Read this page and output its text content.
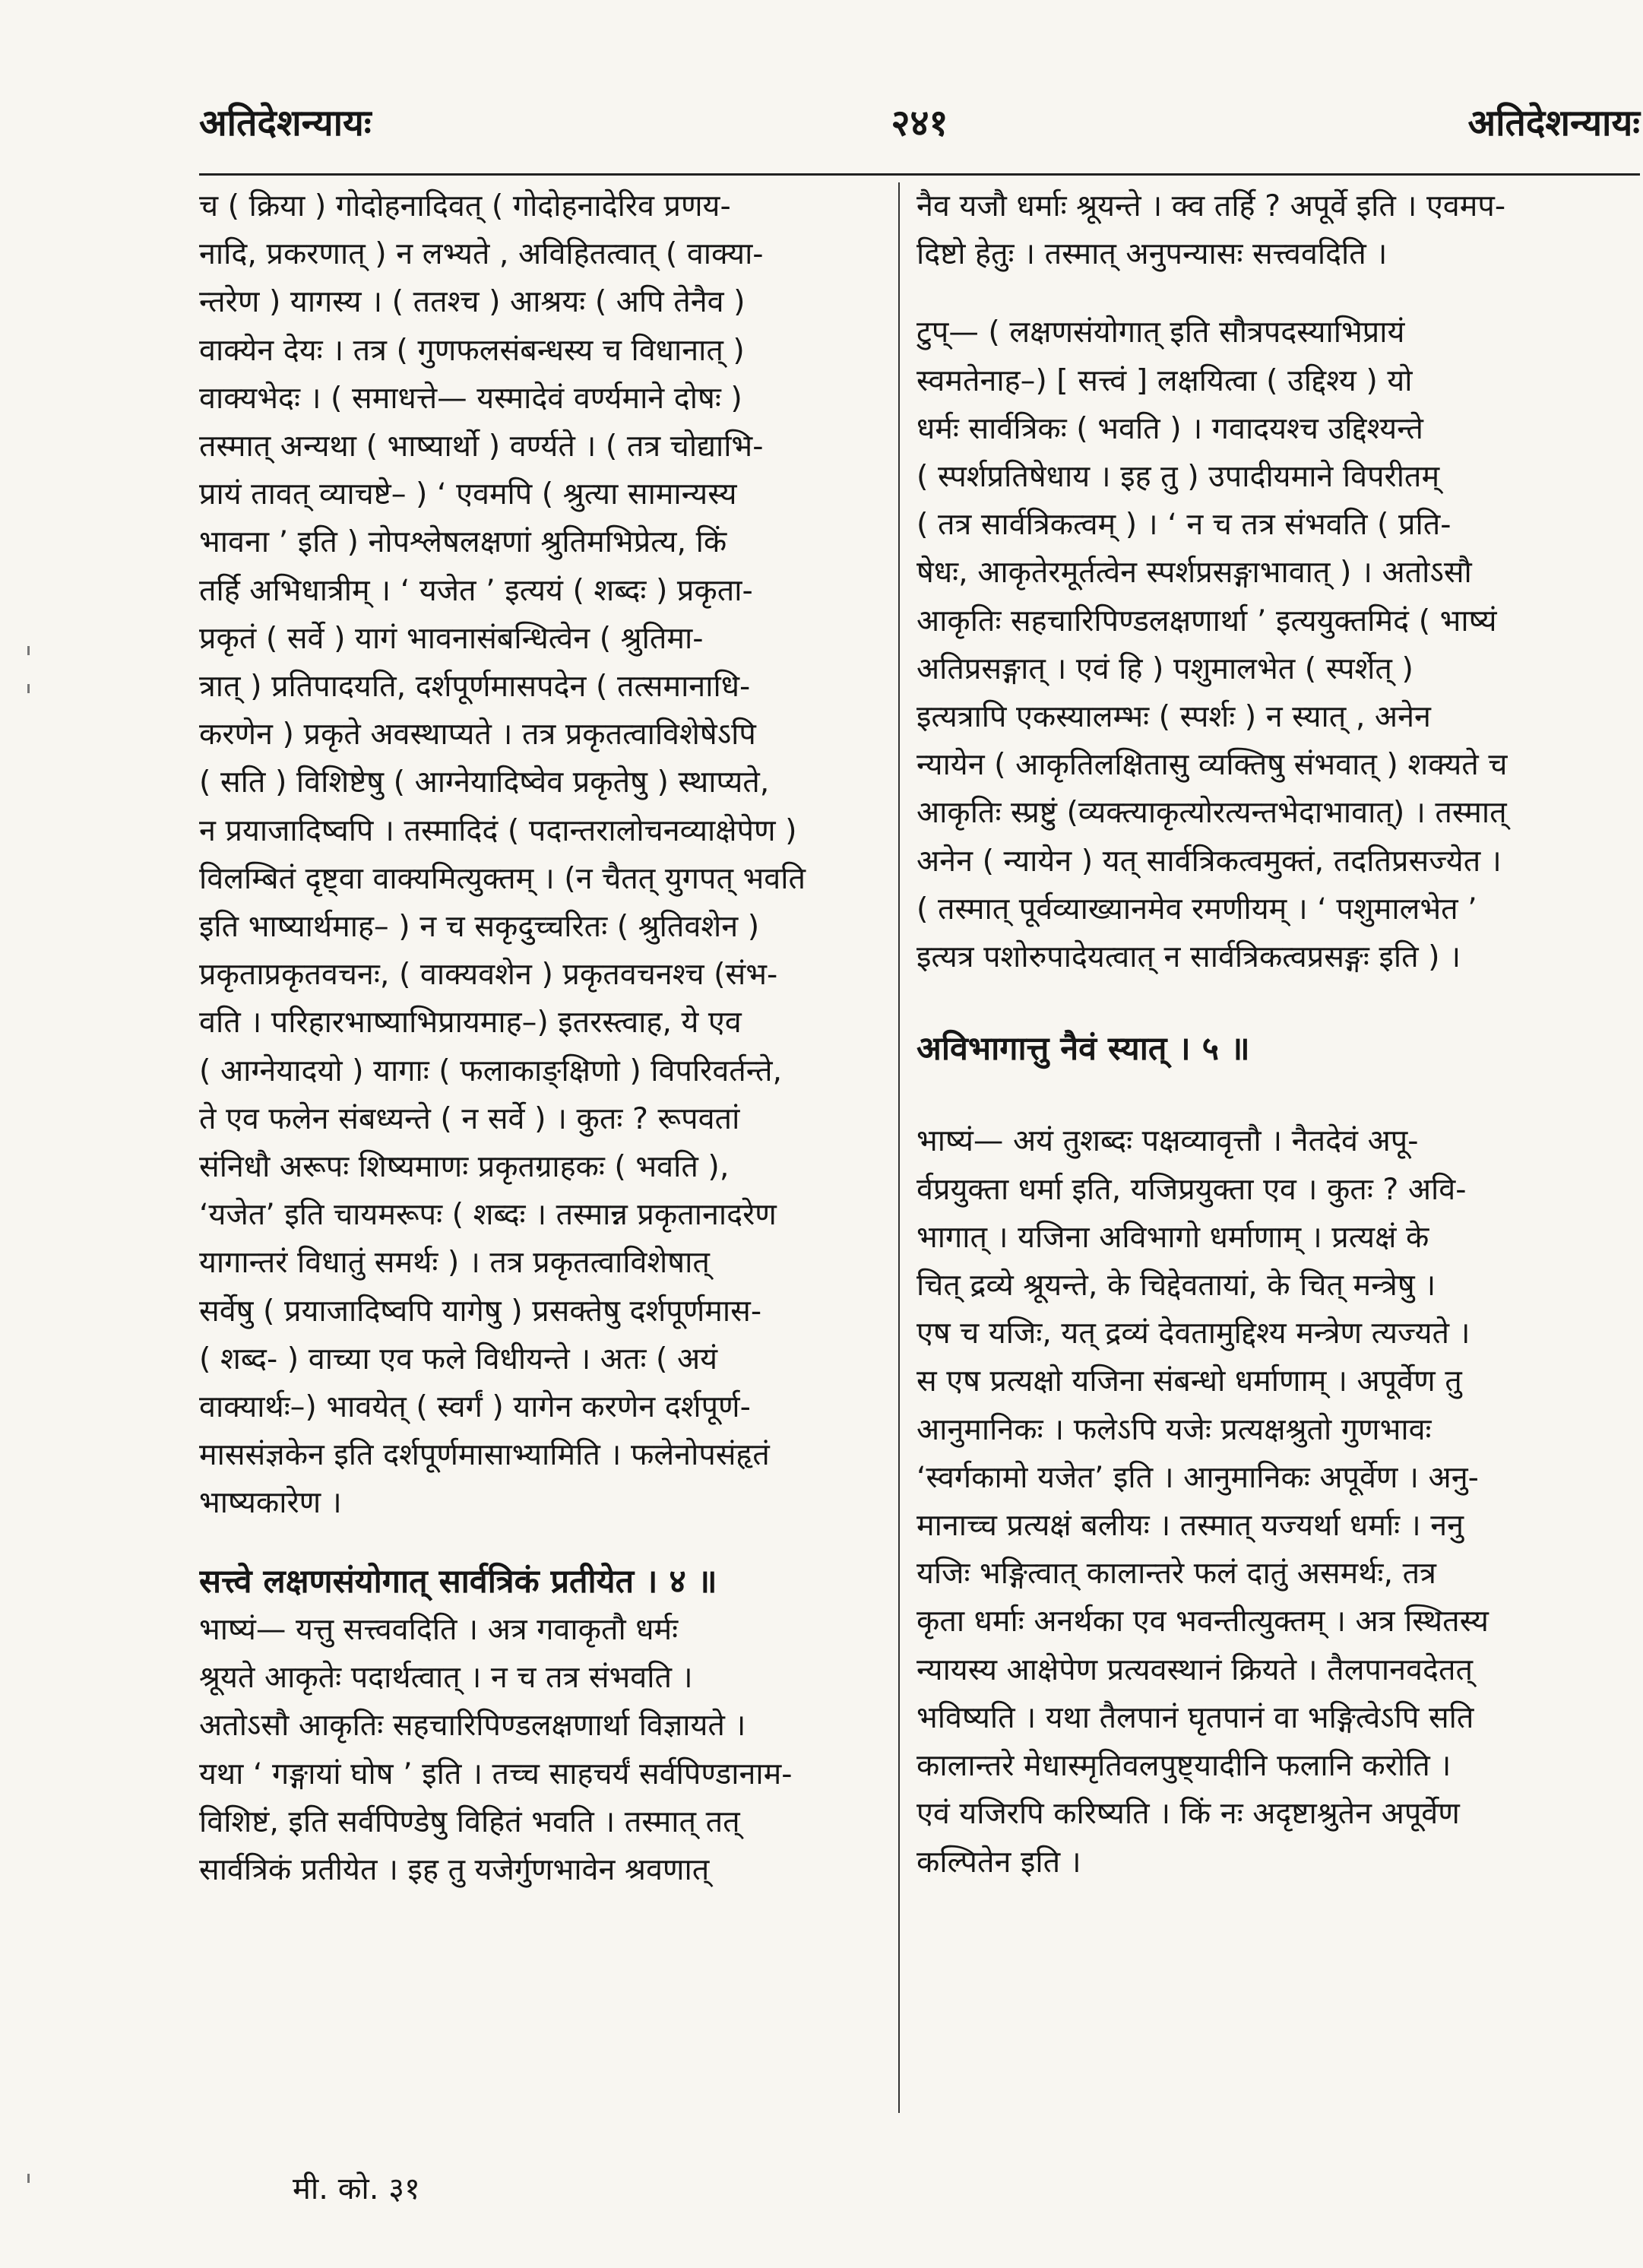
अतिदेशन्यायः	२४१	अतिदेशन्यायः
च ( क्रिया ) गोदोहनादिवत् ( गोदोहनादेरिव प्रणय-
नादि, प्रकरणात् ) न लभ्यते , अविहितत्वात् ( वाक्या-
न्तरेण ) यागस्य । ( ततश्च ) आश्रयः ( अपि तेनैव )
वाक्येन देयः । तत्र ( गुणफलसंबन्धस्य च विधानात् )
वाक्यभेदः । ( समाधत्ते— यस्मादेवं वर्ण्यमाने दोषः )
तस्मात् अन्यथा ( भाष्यार्थो ) वर्ण्यते । ( तत्र चोद्याभि-
प्रायं तावत् व्याचष्टे– ) ‘ एवमपि ( श्रुत्या सामान्यस्य
भावना ’ इति ) नोपश्लेषलक्षणां श्रुतिमभिप्रेत्य, किं
तर्हि अभिधात्रीम् । ‘ यजेत ’ इत्ययं ( शब्दः ) प्रकृता-
प्रकृतं ( सर्वे ) यागं भावनासंबन्धित्वेन ( श्रुतिमा-
त्रात् ) प्रतिपादयति, दर्शपूर्णमासपदेन ( तत्समानाधि-
करणेन ) प्रकृते अवस्थाप्यते । तत्र प्रकृतत्वाविशेषेऽपि
( सति ) विशिष्टेषु ( आग्नेयादिष्वेव प्रकृतेषु ) स्थाप्यते,
न प्रयाजादिष्वपि । तस्मादिदं ( पदान्तरालोचनव्याक्षेपेण )
विलम्बितं दृष्ट्वा वाक्यमित्युक्तम् । (न चैतत् युगपत् भवति
इति भाष्यार्थमाह– ) न च सकृदुच्चरितः ( श्रुतिवशेन )
प्रकृताप्रकृतवचनः, ( वाक्यवशेन ) प्रकृतवचनश्च (संभ-
वति । परिहारभाष्याभिप्रायमाह–) इतरस्त्वाह, ये एव
( आग्नेयादयो ) यागाः ( फलाकाङ्क्षिणो ) विपरिवर्तन्ते,
ते एव फलेन संबध्यन्ते ( न सर्वे ) । कुतः ? रूपवतां
संनिधौ अरूपः शिष्यमाणः प्रकृतग्राहकः ( भवति ),
‘यजेत’ इति चायमरूपः ( शब्दः । तस्मान्न प्रकृतानादरेण
यागान्तरं विधातुं समर्थः ) । तत्र प्रकृतत्वाविशेषात्
सर्वेषु ( प्रयाजादिष्वपि यागेषु ) प्रसक्तेषु दर्शपूर्णमास-
( शब्द- ) वाच्या एव फले विधीयन्ते । अतः ( अयं
वाक्यार्थः–) भावयेत् ( स्वर्गं ) यागेन करणेन दर्शपूर्ण-
माससंज्ञकेन इति दर्शपूर्णमासाभ्यामिति । फलेनोपसंहृतं
भाष्यकारेण ।
सत्त्वे लक्षणसंयोगात् सार्वत्रिकं प्रतीयेत । ४ ॥
भाष्यं— यत्तु सत्त्ववदिति । अत्र गवाकृतौ धर्मः
श्रूयते आकृतेः पदार्थत्वात् । न च तत्र संभवति ।
अतोऽसौ आकृतिः सहचारिपिण्डलक्षणार्था विज्ञायते ।
यथा ‘ गङ्गायां घोष ’ इति । तच्च साहचर्यं सर्वपिण्डानाम-
विशिष्टं, इति सर्वपिण्डेषु विहितं भवति । तस्मात् तत्
सार्वत्रिकं प्रतीयेत । इह तु यजेर्गुणभावेन श्रवणात्
नैव यजौ धर्माः श्रूयन्ते । क्व तर्हि ? अपूर्वे इति । एवमप-
दिष्टो हेतुः । तस्मात् अनुपन्यासः सत्त्ववदिति ।
टुप्— ( लक्षणसंयोगात् इति सौत्रपदस्याभिप्रायं
स्वमतेनाह–) [ सत्त्वं ] लक्षयित्वा ( उद्दिश्य ) यो
धर्मः सार्वत्रिकः ( भवति ) । गवादयश्च उद्दिश्यन्ते
( स्पर्शप्रतिषेधाय । इह तु ) उपादीयमाने विपरीतम्
( तत्र सार्वत्रिकत्वम् ) । ‘ न च तत्र संभवति ( प्रति-
षेधः, आकृतेरमूर्तत्वेन स्पर्शप्रसङ्गाभावात् ) । अतोऽसौ
आकृतिः सहचारिपिण्डलक्षणार्था ’ इत्ययुक्तमिदं ( भाष्यं
अतिप्रसङ्गात् । एवं हि ) पशुमालभेत ( स्पर्शेत् )
इत्यत्रापि एकस्यालम्भः ( स्पर्शः ) न स्यात् , अनेन
न्यायेन ( आकृतिलक्षितासु व्यक्तिषु संभवात् ) शक्यते च
आकृतिः स्प्रष्टुं (व्यक्त्याकृत्योरत्यन्तभेदाभावात्) । तस्मात्
अनेन ( न्यायेन ) यत् सार्वत्रिकत्वमुक्तं, तदतिप्रसज्येत ।
( तस्मात् पूर्वव्याख्यानमेव रमणीयम् । ‘ पशुमालभेत ’
इत्यत्र पशोरुपादेयत्वात् न सार्वत्रिकत्वप्रसङ्गः इति ) ।
अविभागात्तु नैवं स्यात् । ५ ॥
भाष्यं— अयं तुशब्दः पक्षव्यावृत्तौ । नैतदेवं अपू-
र्वप्रयुक्ता धर्मा इति, यजिप्रयुक्ता एव । कुतः ? अवि-
भागात् । यजिना अविभागो धर्माणाम् । प्रत्यक्षं के
चित् द्रव्ये श्रूयन्ते, के चिद्देवतायां, के चित् मन्त्रेषु ।
एष च यजिः, यत् द्रव्यं देवतामुद्दिश्य मन्त्रेण त्यज्यते ।
स एष प्रत्यक्षो यजिना संबन्धो धर्माणाम् । अपूर्वेण तु
आनुमानिकः । फलेऽपि यजेः प्रत्यक्षश्रुतो गुणभावः
‘स्वर्गकामो यजेत’ इति । आनुमानिकः अपूर्वेण । अनु-
मानाच्च प्रत्यक्षं बलीयः । तस्मात् यज्यर्था धर्माः । ननु
यजिः भङ्गित्वात् कालान्तरे फलं दातुं असमर्थः, तत्र
कृता धर्माः अनर्थका एव भवन्तीत्युक्तम् । अत्र स्थितस्य
न्यायस्य आक्षेपेण प्रत्यवस्थानं क्रियते । तैलपानवदेतत्
भविष्यति । यथा तैलपानं घृतपानं वा भङ्गित्वेऽपि सति
कालान्तरे मेधास्मृतिवलपुष्ट्यादीनि फलानि करोति ।
एवं यजिरपि करिष्यति । किं नः अदृष्टाश्रुतेन अपूर्वेण
कल्पितेन इति ।
मी. को. ३१
